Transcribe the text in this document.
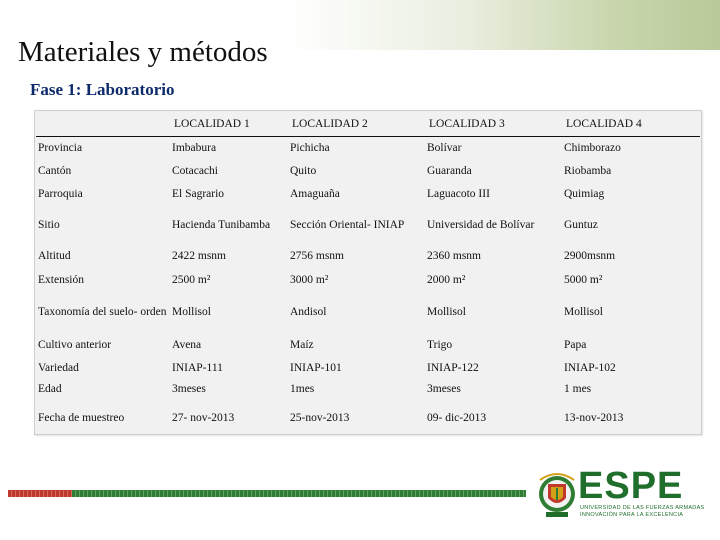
Materiales y métodos
Fase 1: Laboratorio
	LOCALIDAD 1	LOCALIDAD 2	LOCALIDAD 3	LOCALIDAD 4
Provincia	Imbabura	Pichicha	Bolívar	Chimborazo
Cantón	Cotacachi	Quito	Guaranda	Riobamba
Parroquia	El Sagrario	Amaguaña	Laguacoto III	Quimiag
Sitio	Hacienda Tunibamba	Sección Oriental- INIAP	Universidad de Bolívar	Guntuz
Altitud	2422 msnm	2756 msnm	2360 msnm	2900msnm
Extensión	2500 m²	3000 m²	2000 m²	5000 m²
Taxonomía del suelo- orden	Mollisol	Andisol	Mollisol	Mollisol
Cultivo anterior	Avena	Maíz	Trigo	Papa
Variedad	INIAP-111	INIAP-101	INIAP-122	INIAP-102
Edad	3meses	1mes	3meses	1 mes
Fecha de muestreo	27- nov-2013	25-nov-2013	09- dic-2013	13-nov-2013
ESPE
UNIVERSIDAD DE LAS FUERZAS ARMADAS
INNOVACIÓN PARA LA EXCELENCIA
